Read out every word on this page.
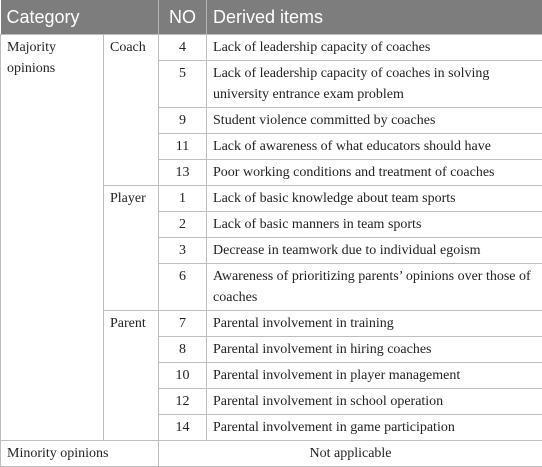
Category		NO	Derived items
Majority opinions	Coach	4	Lack of leadership capacity of coaches
		5	Lack of leadership capacity of coaches in solving university entrance exam problem
		9	Student violence committed by coaches
		11	Lack of awareness of what educators should have
		13	Poor working conditions and treatment of coaches
	Player	1	Lack of basic knowledge about team sports
		2	Lack of basic manners in team sports
		3	Decrease in teamwork due to individual egoism
		6	Awareness of prioritizing parents’ opinions over those of coaches
	Parent	7	Parental involvement in training
		8	Parental involvement in hiring coaches
		10	Parental involvement in player management
		12	Parental involvement in school operation
		14	Parental involvement in game participation
Minority opinions		Not applicable	
